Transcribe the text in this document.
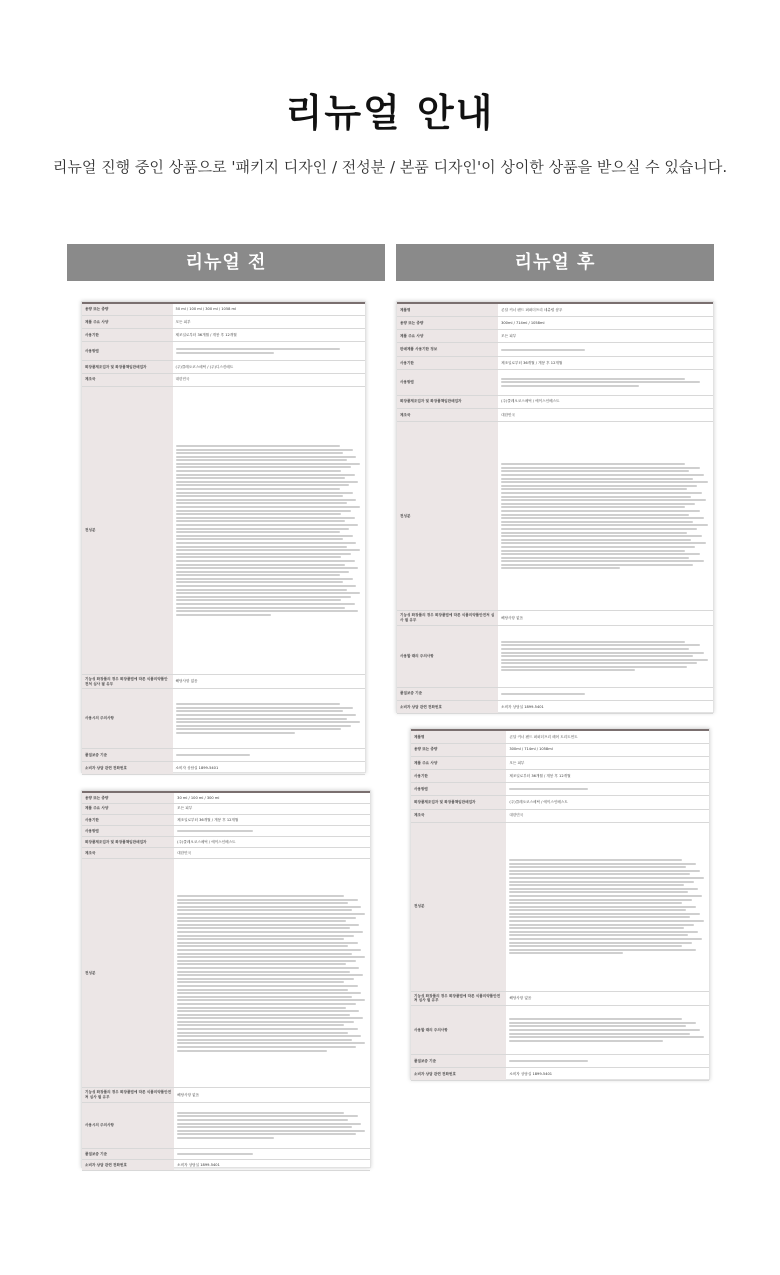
리뉴얼 안내
리뉴얼 진행 중인 상품으로 '패키지 디자인 / 전성분 / 본품 디자인'이 상이한 상품을 받으실 수 있습니다.
리뉴얼 전	리뉴얼 후
용량 또는 중량	50 ml / 100 ml / 300 ml / 1058 ml
제품 주요 사양	모든 피부
사용기한	제조일로부터 36개월 / 개봉 후 12개월
사용방법	

화장품제조업자 및 화장품책임판매업자	(주)클레오코스메틱 / (주)디스킨메트
제조국	대한민국
전성분	

기능성 화장품의 경우 화장품법에 따른 식품의약품안전처 심사 필 유무	해당사항 없음
사용시의 주의사항	

품질보증 기준	

소비자 상담 관련 전화번호	소비자 상담실 1899-5401
용량 또는 중량	30 ml / 100 ml / 300 ml
제품 주요 사양	모든 피부
사용기한	제조일로부터 36개월 / 개봉 후 12개월
사용방법	

화장품제조업자 및 화장품책임판매업자	(주)클레오코스메틱 / 에이스인베스트
제조국	대한민국
전성분	

기능성 화장품의 경우 화장품법에 따른 식품의약품안전처 심사 필 유무	해당사항 없음
사용시의 주의사항	

품질보증 기준	

소비자 상담 관련 전화번호	소비자 상담실 1899-5401
제품명	콘달 커너 팬드 퍼퍼더프리 네츄럴 샴푸
용량 또는 중량	300ml / 714ml / 1058ml
제품 주요 사양	모든 피부
판매제품 사용기한 정보	

사용기한	제조일로부터 36개월 / 개봉 후 12개월
사용방법	

화장품제조업자 및 화장품책임판매업자	(주)클레오코스메틱 / 에이스인베스트
제조국	대한민국
전성분	

기능성 화장품의 경우 화장품법에 따른 식품의약품안전처 심사 필 유무	해당사항 없음
사용할 때의 주의사항	

품질보증 기준	

소비자 상담 관련 전화번호	소비자 상담실 1899-5401
제품명	콘달 커너 팬드 퍼퍼더프리 헤어 트리트먼트
용량 또는 중량	300ml / 714ml / 1058ml
제품 주요 사양	모든 피부
사용기한	제조일로부터 36개월 / 개봉 후 12개월
사용방법	

화장품제조업자 및 화장품책임판매업자	(주)클레오코스메틱 / 에이스인베스트
제조국	대한민국
전성분	

기능성 화장품의 경우 화장품법에 따른 식품의약품안전처 심사 필 유무	해당사항 없음
사용할 때의 주의사항	

품질보증 기준	

소비자 상담 관련 전화번호	소비자 상담실 1899-5401
